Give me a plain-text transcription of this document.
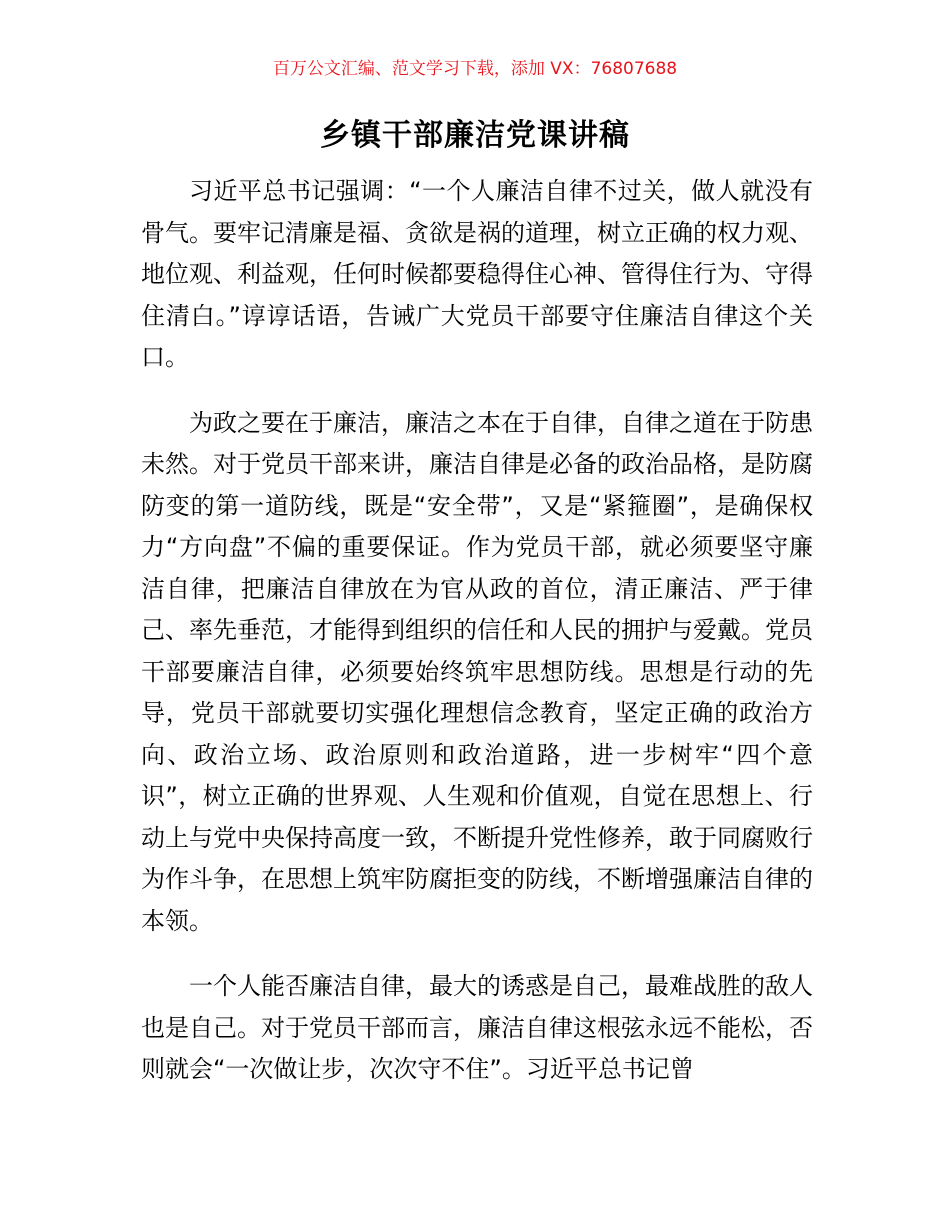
百万公文汇编、范文学习下载，添加 VX：76807688
乡镇干部廉洁党课讲稿

习近平总书记强调：“一个人廉洁自律不过关，做人就没有骨气。要牢记清廉是福、贪欲是祸的道理，树立正确的权力观、地位观、利益观，任何时候都要稳得住心神、管得住行为、守得住清白。”谆谆话语，告诫广大党员干部要守住廉洁自律这个关口。

为政之要在于廉洁，廉洁之本在于自律，自律之道在于防患未然。对于党员干部来讲，廉洁自律是必备的政治品格，是防腐防变的第一道防线，既是“安全带”，又是“紧箍圈”，是确保权力“方向盘”不偏的重要保证。作为党员干部，就必须要坚守廉洁自律，把廉洁自律放在为官从政的首位，清正廉洁、严于律己、率先垂范，才能得到组织的信任和人民的拥护与爱戴。党员干部要廉洁自律，必须要始终筑牢思想防线。思想是行动的先导，党员干部就要切实强化理想信念教育，坚定正确的政治方向、政治立场、政治原则和政治道路，进一步树牢“四个意识”，树立正确的世界观、人生观和价值观，自觉在思想上、行动上与党中央保持高度一致，不断提升党性修养，敢于同腐败行为作斗争，在思想上筑牢防腐拒变的防线，不断增强廉洁自律的本领。

一个人能否廉洁自律，最大的诱惑是自己，最难战胜的敌人也是自己。对于党员干部而言，廉洁自律这根弦永远不能松，否则就会“一次做让步，次次守不住”。习近平总书记曾
